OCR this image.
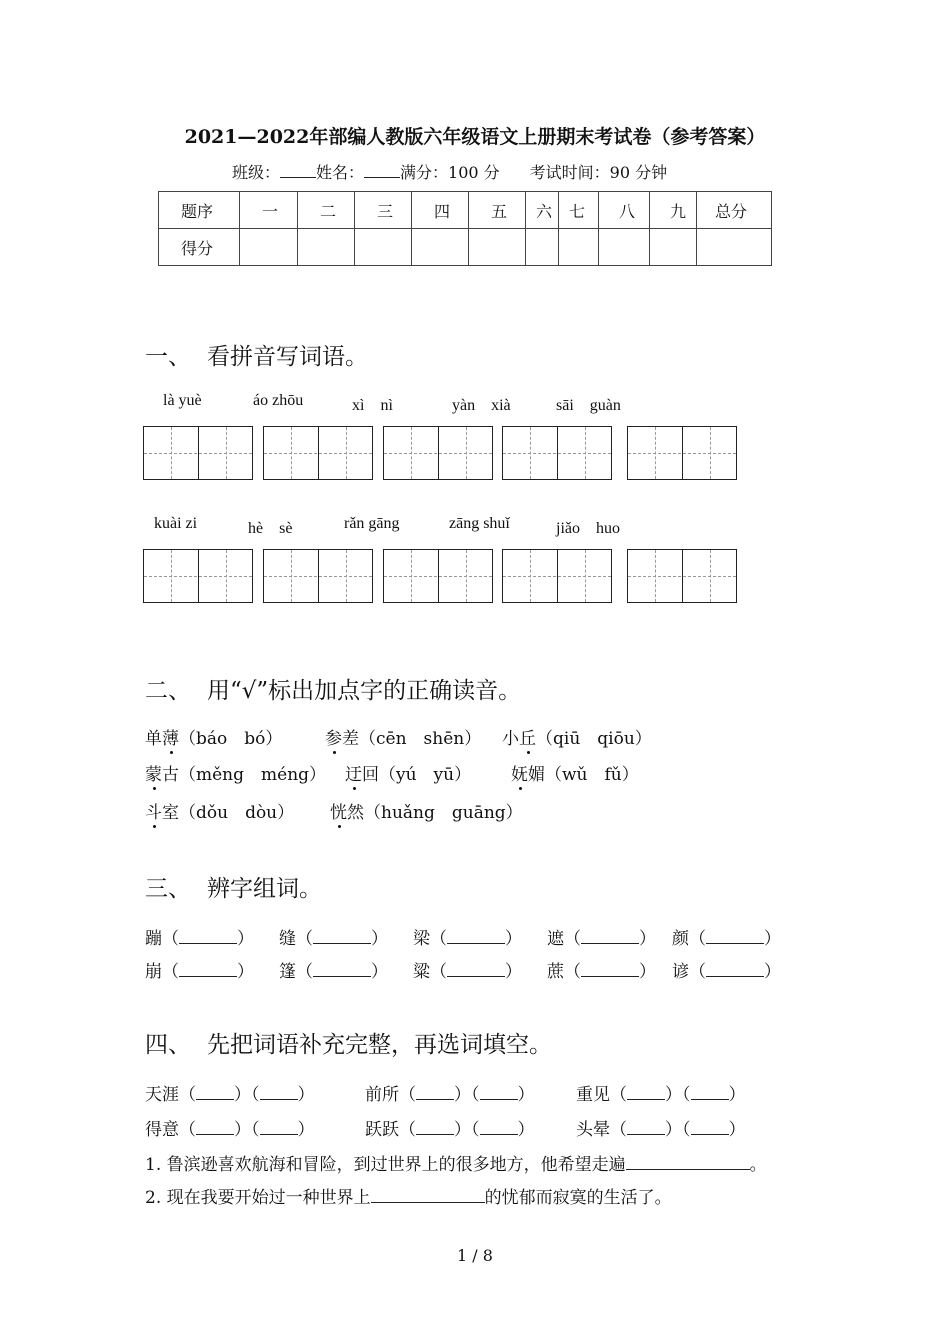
2021—2022年部编人教版六年级语文上册期末考试卷（参考答案）
班级： 姓名： 满分：100 分 考试时间：90 分钟
题序	一	二	三	四	五	六	七	八	九	总分
得分										
一、 看拼音写词语。
là yuè	áo zhōu	xì　nì	yàn　xià	sāi　guàn
kuài zi	hè　sè	rǎn gāng	zāng shuǐ	jiǎo　huo
二、 用“√”标出加点字的正确读音。
单薄（báo　bó）	参差（cēn　shēn） 小丘（qiū　qiōu）
蒙古（měng　méng） 迂回（yú　yū） 妩媚（wǔ　fǔ）
斗室（dǒu　dòu） 恍然（huǎng　guāng）
三、 辨字组词。
蹦（	） 缝（	） 梁（	） 遮（	） 颜（	）
崩（	） 篷（	） 粱（	） 蔗（	） 谚（	）
四、 先把词语补充完整，再选词填空。
天涯（ ）（ ）	前所（ ）（ ） 重见（ ）（ ）
得意（ ）（ ）	跃跃（ ）（ ） 头晕（ ）（ ）
1. 鲁滨逊喜欢航海和冒险，到过世界上的很多地方，他希望走遍	。
2. 现在我要开始过一种世界上	的忧郁而寂寞的生活了。
1 / 8
